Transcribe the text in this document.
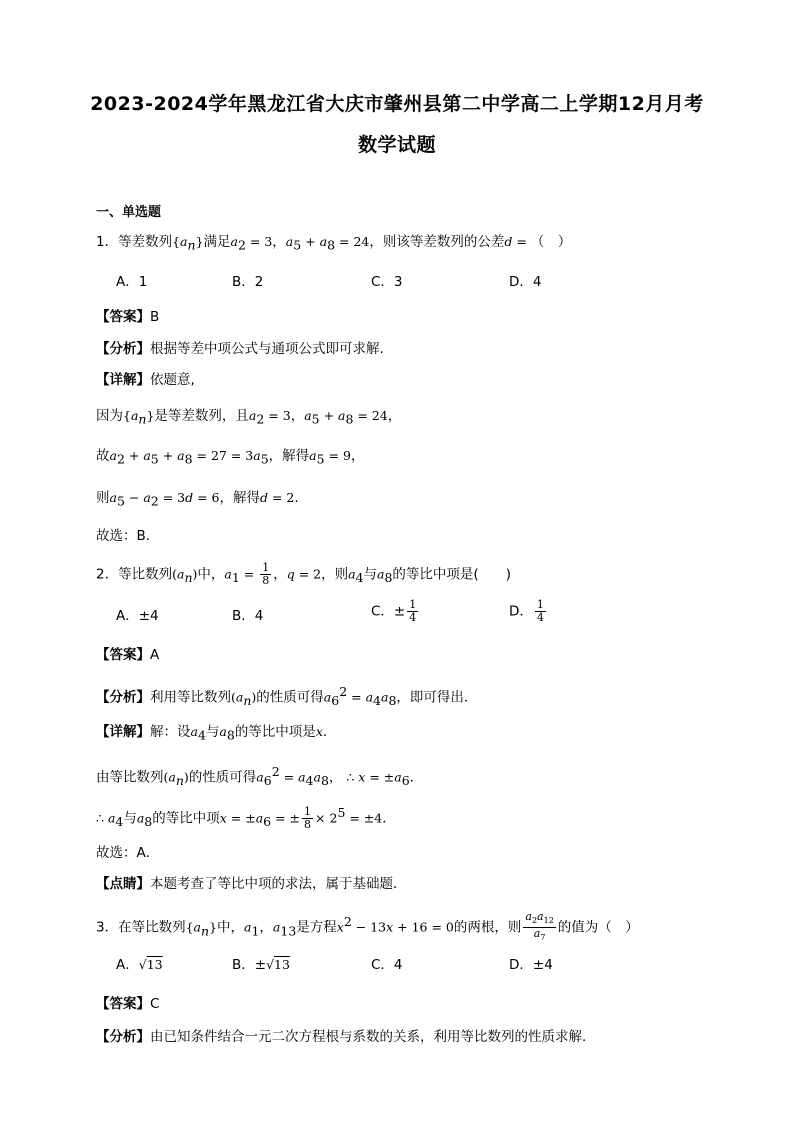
2023-2024学年黑龙江省大庆市肇州县第二中学高二上学期12月月考
数学试题
一、单选题
1．等差数列$\{a_n\}$满足$a_2 = 3$，$a_5 + a_8 = 24$，则该等差数列的公差d = （　）
A．1	B．2	C．3	D．4
【答案】B
【分析】根据等差中项公式与通项公式即可求解.
【详解】依题意,
因为$\{a_n\}$是等差数列，且$a_2 = 3$，$a_5 + a_8 = 24$，
故$a_2 + a_5 + a_8 = 27 = 3a_5$，解得$a_5 = 9$，
则$a_5 - a_2 = 3d = 6$，解得d = 2.
故选：B.
2．等比数列$(a_n)$中，$a_1 = \frac{1}{8}$ ，q = 2，则$a_4$与$a_8$的等比中项是(　　)
A．±4	B．4	C．± $\frac{1}{4}$	D． $\frac{1}{4}$
【答案】A
【分析】利用等比数列$(a_n)$的性质可得$a_6^2 = a_4a_8$，即可得出．
【详解】解：设$a_4$与$a_8$的等比中项是x．
由等比数列$(a_n)$的性质可得$a_6^2 = a_4a_8$， ∴ $x = \pm a_6$．
∴ $a_4$与$a_8$的等比中项$x = \pm a_6$ = ± $\frac{1}{8} \times 2^5 = \pm 4$．
故选：A．
【点睛】本题考查了等比中项的求法，属于基础题．
3．在等比数列$\{a_n\}$中，$a_1$，$a_{13}$是方程$x^2 - 13x + 16 = 0$的两根，则 $\frac{a_2a_{12}}{a_7}$ 的值为（　）
A．√13	B．±√13	C．4	D．±4
【答案】C
【分析】由已知条件结合一元二次方程根与系数的关系，利用等比数列的性质求解．
